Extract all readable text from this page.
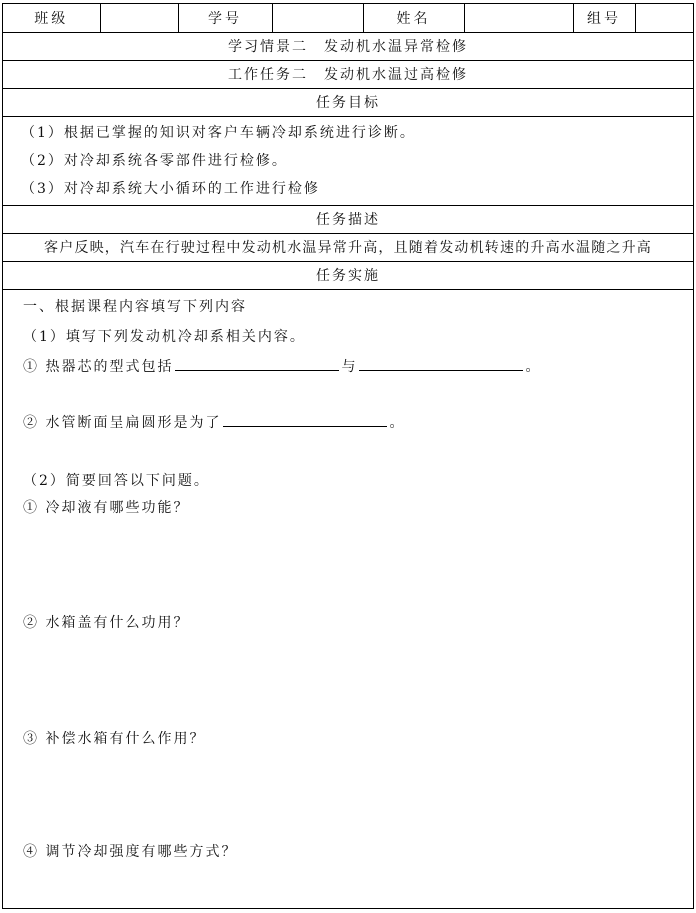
班级		学号		姓名		组号	
学习情景二　发动机水温异常检修
工作任务二　发动机水温过高检修
任务目标
（1）根据已掌握的知识对客户车辆冷却系统进行诊断。
（2）对冷却系统各零部件进行检修。
（3）对冷却系统大小循环的工作进行检修
任务描述
客户反映，汽车在行驶过程中发动机水温异常升高，且随着发动机转速的升高水温随之升高
任务实施
一、根据课程内容填写下列内容
（1）填写下列发动机冷却系相关内容。
① 热器芯的型式包括	与	。
② 水管断面呈扁圆形是为了	。
（2）简要回答以下问题。
① 冷却液有哪些功能？
② 水箱盖有什么功用？
③ 补偿水箱有什么作用？
④ 调节冷却强度有哪些方式？
